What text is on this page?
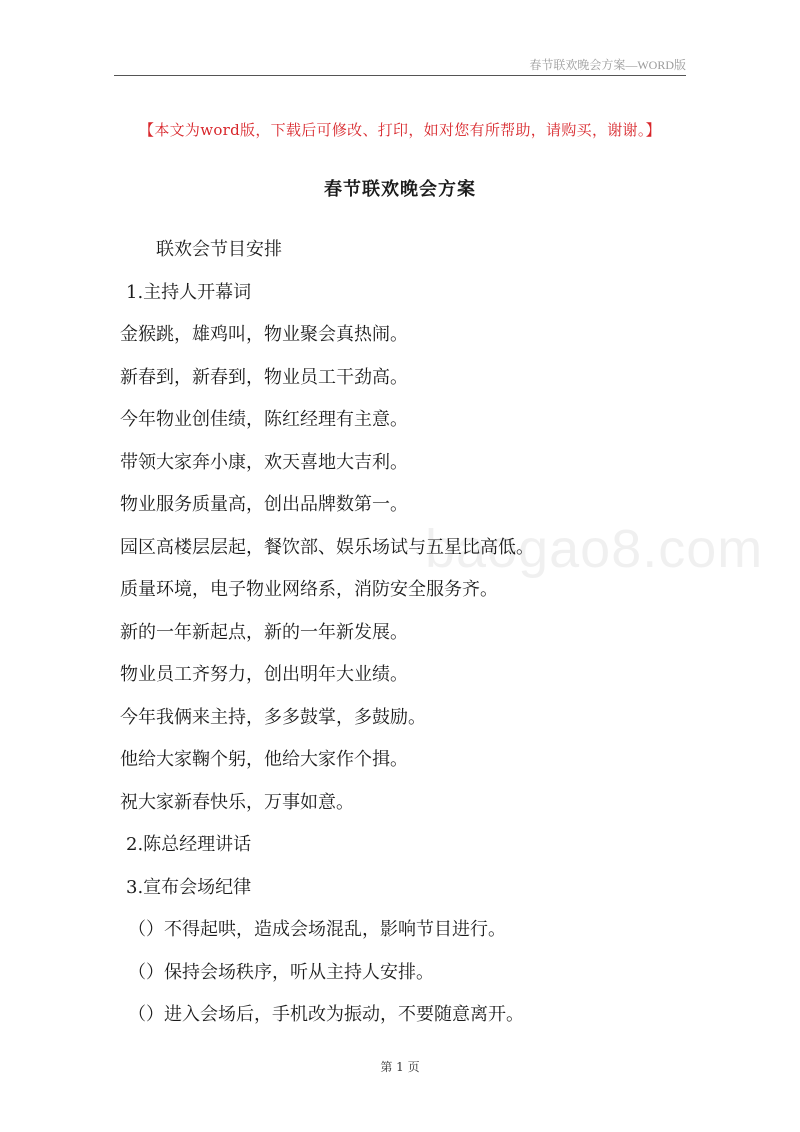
春节联欢晚会方案—WORD版
【本文为word版，下载后可修改、打印，如对您有所帮助，请购买，谢谢。】
春节联欢晚会方案
联欢会节目安排
1.主持人开幕词
金猴跳，雄鸡叫，物业聚会真热闹。
新春到，新春到，物业员工干劲高。
今年物业创佳绩，陈红经理有主意。
带领大家奔小康，欢天喜地大吉利。
物业服务质量高，创出品牌数第一。
园区高楼层层起，餐饮部、娱乐场试与五星比高低。
质量环境，电子物业网络系，消防安全服务齐。
新的一年新起点，新的一年新发展。
物业员工齐努力，创出明年大业绩。
今年我俩来主持，多多鼓掌，多鼓励。
他给大家鞠个躬，他给大家作个揖。
祝大家新春快乐，万事如意。
2.陈总经理讲话
3.宣布会场纪律
（）不得起哄，造成会场混乱，影响节目进行。
（）保持会场秩序，听从主持人安排。
（）进入会场后，手机改为振动，不要随意离开。
baogao8.com
第 1 页
